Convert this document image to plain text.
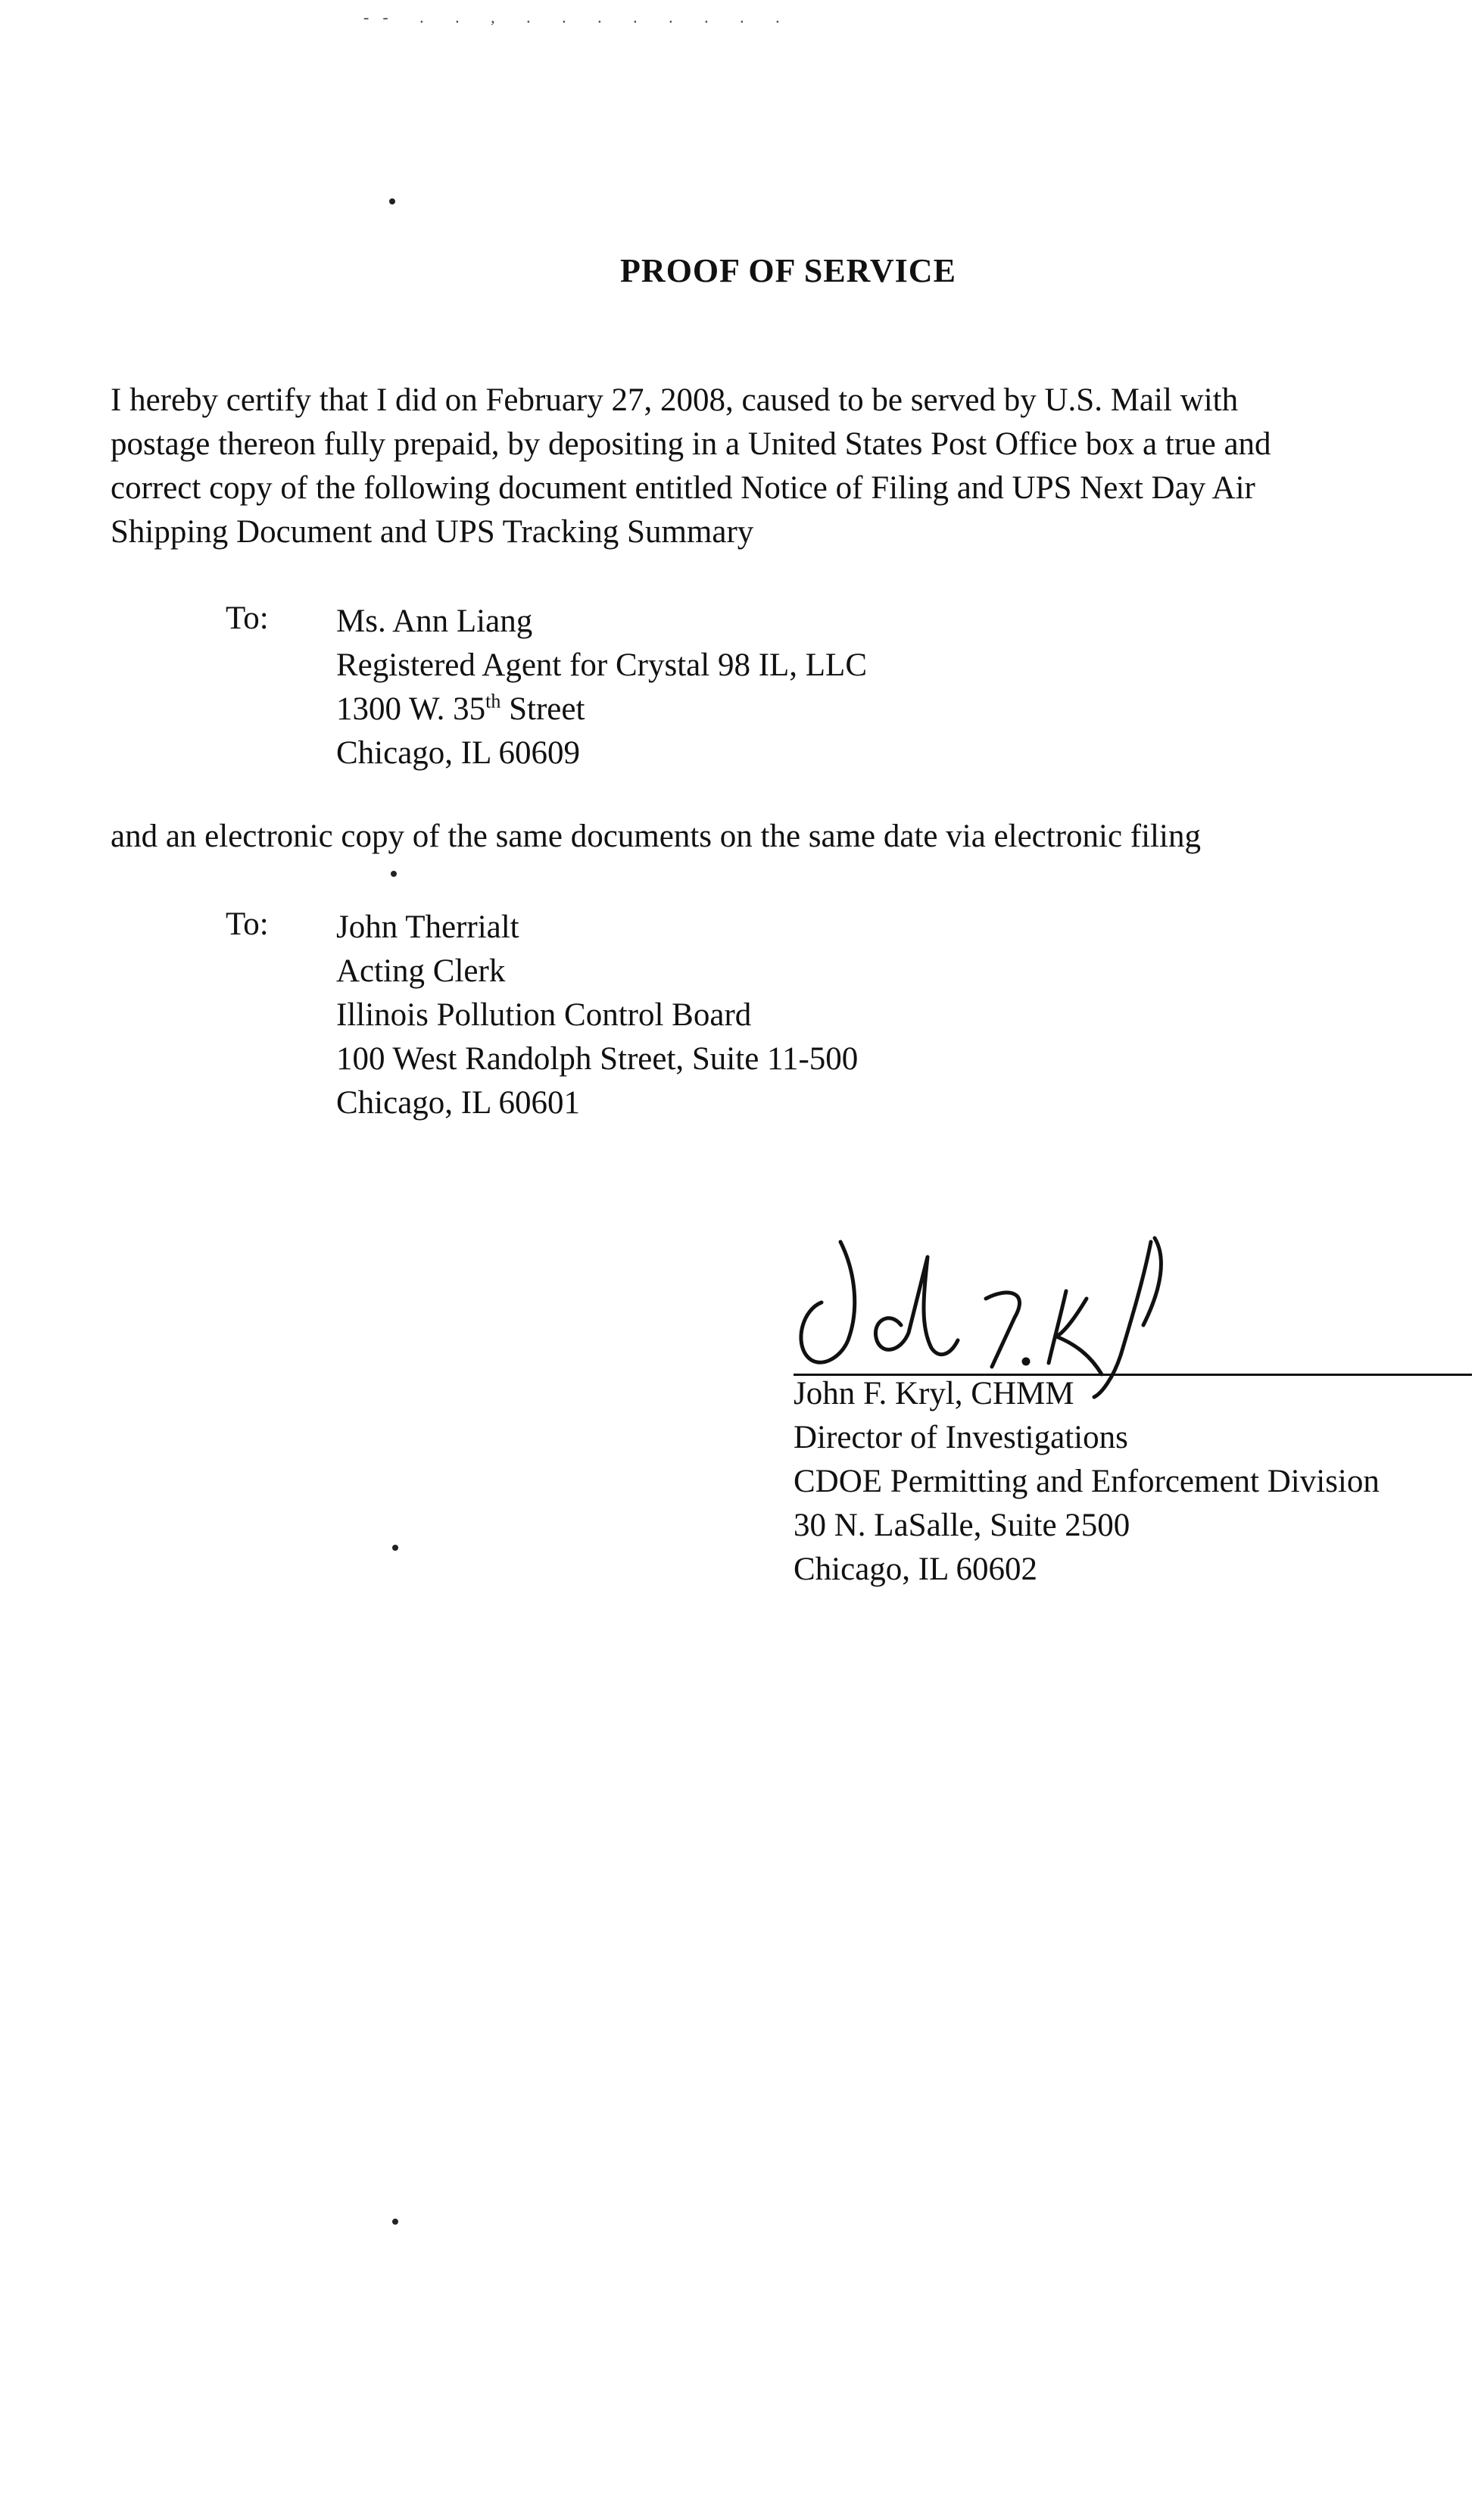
-- . . , . . . . . . . .
PROOF OF SERVICE
I hereby certify that I did on February 27, 2008, caused to be served by U.S. Mail with
postage thereon fully prepaid, by depositing in a United States Post Office box a true and
correct copy of the following document entitled Notice of Filing and UPS Next Day Air
Shipping Document and UPS Tracking Summary
To: Ms. Ann Liang
Registered Agent for Crystal 98 IL, LLC
1300 W. 35th Street
Chicago, IL 60609
and an electronic copy of the same documents on the same date via electronic filing
To: John Therrialt
Acting Clerk
Illinois Pollution Control Board
100 West Randolph Street, Suite 11-500
Chicago, IL 60601
John F. Kryl, CHMM
Director of Investigations
CDOE Permitting and Enforcement Division
30 N. LaSalle, Suite 2500
Chicago, IL 60602
